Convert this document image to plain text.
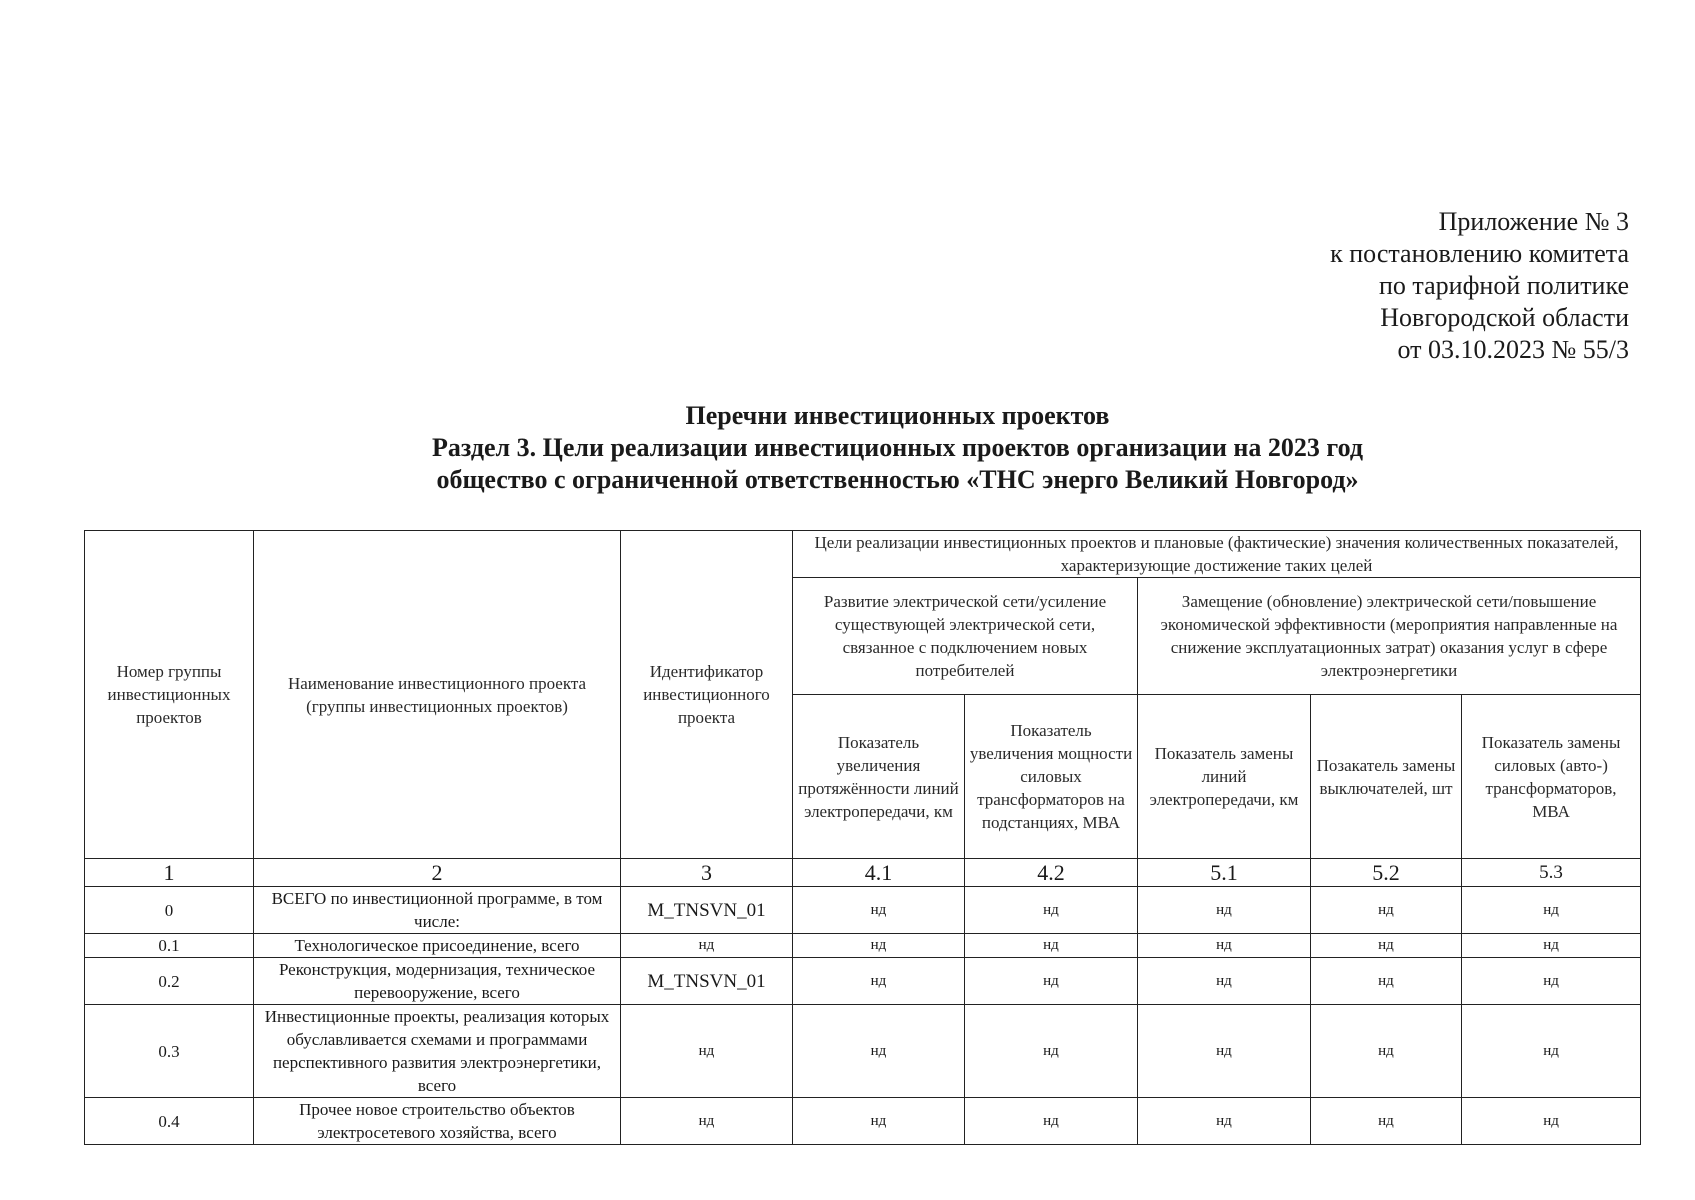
Приложение № 3
к постановлению комитета
по тарифной политике
Новгородской области
от 03.10.2023 № 55/3
Перечни инвестиционных проектов
Раздел 3. Цели реализации инвестиционных проектов организации на 2023 год
общество с ограниченной ответственностью «ТНС энерго Великий Новгород»
Номер группы инвестиционных проектов	Наименование инвестиционного проекта (группы инвестиционных проектов)	Идентификатор инвестиционного проекта	Цели реализации инвестиционных проектов и плановые (фактические) значения количественных показателей, характеризующие достижение таких целей				
			Развитие электрической сети/усиление существующей электрической сети, связанное с подключением новых потребителей		Замещение (обновление) электрической сети/повышение экономической эффективности (мероприятия направленные на снижение эксплуатационных затрат) оказания услуг в сфере электроэнергетики		
			Показатель увеличения протяжённости линий электропередачи, км	Показатель увеличения мощности силовых трансформаторов на подстанциях, МВА	Показатель замены линий электропередачи, км	Позакатель замены выключателей, шт	Показатель замены силовых (авто-) трансформаторов, МВА
1	2	3	4.1	4.2	5.1	5.2	5.3
0	ВСЕГО по инвестиционной программе, в том числе:	M_TNSVN_01	нд	нд	нд	нд	нд
0.1	Технологическое присоединение, всего	нд	нд	нд	нд	нд	нд
0.2	Реконструкция, модернизация, техническое перевооружение, всего	M_TNSVN_01	нд	нд	нд	нд	нд
0.3	Инвестиционные проекты, реализация которых обуславливается схемами и программами перспективного развития электроэнергетики, всего	нд	нд	нд	нд	нд	нд
0.4	Прочее новое строительство объектов электросетевого хозяйства, всего	нд	нд	нд	нд	нд	нд
